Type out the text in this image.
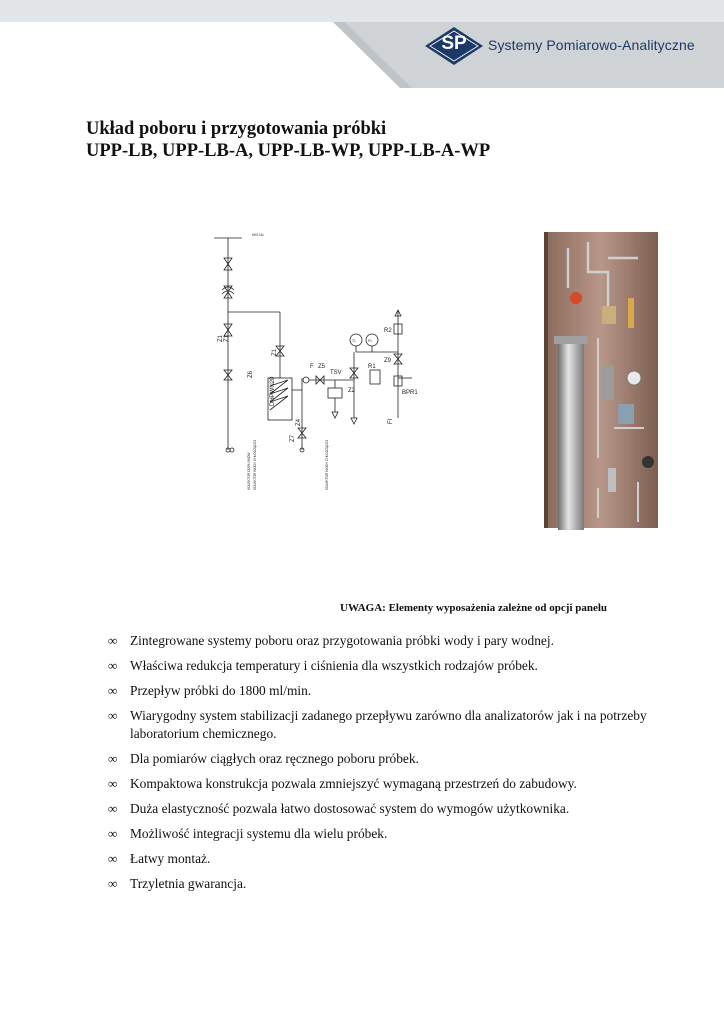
SP Systemy Pomiarowo-Analityczne
Układ poboru i przygotowania próbki
UPP-LB, UPP-LB-A, UPP-LB-WP, UPP-LB-A-WP
KKS No.
Z1 Z1
Z1
Z6
DHPWN20
F Z5
TSV
Z2
T1	P1
R2
R1
Z9
BPR1
FI
Z7
Z4
KOLEKTOR ODPŁYWÓW KOLEKTOR WODY CHŁODZĄCEJ	KOLEKTOR WODY CHŁODZĄCEJ
UWAGA: Elementy wyposażenia zależne od opcji panelu
∞ Zintegrowane systemy poboru oraz przygotowania próbki wody i pary wodnej.
∞ Właściwa redukcja temperatury i ciśnienia dla wszystkich rodzajów próbek.
∞ Przepływ próbki do 1800 ml/min.
∞ Wiarygodny system stabilizacji zadanego przepływu zarówno dla analizatorów jak i na potrzeby laboratorium chemicznego.
∞ Dla pomiarów ciągłych oraz ręcznego poboru próbek.
∞ Kompaktowa konstrukcja pozwala zmniejszyć wymaganą przestrzeń do zabudowy.
∞ Duża elastyczność pozwala łatwo dostosować system do wymogów użytkownika.
∞ Możliwość integracji systemu dla wielu próbek.
∞ Łatwy montaż.
∞ Trzyletnia gwarancja.
